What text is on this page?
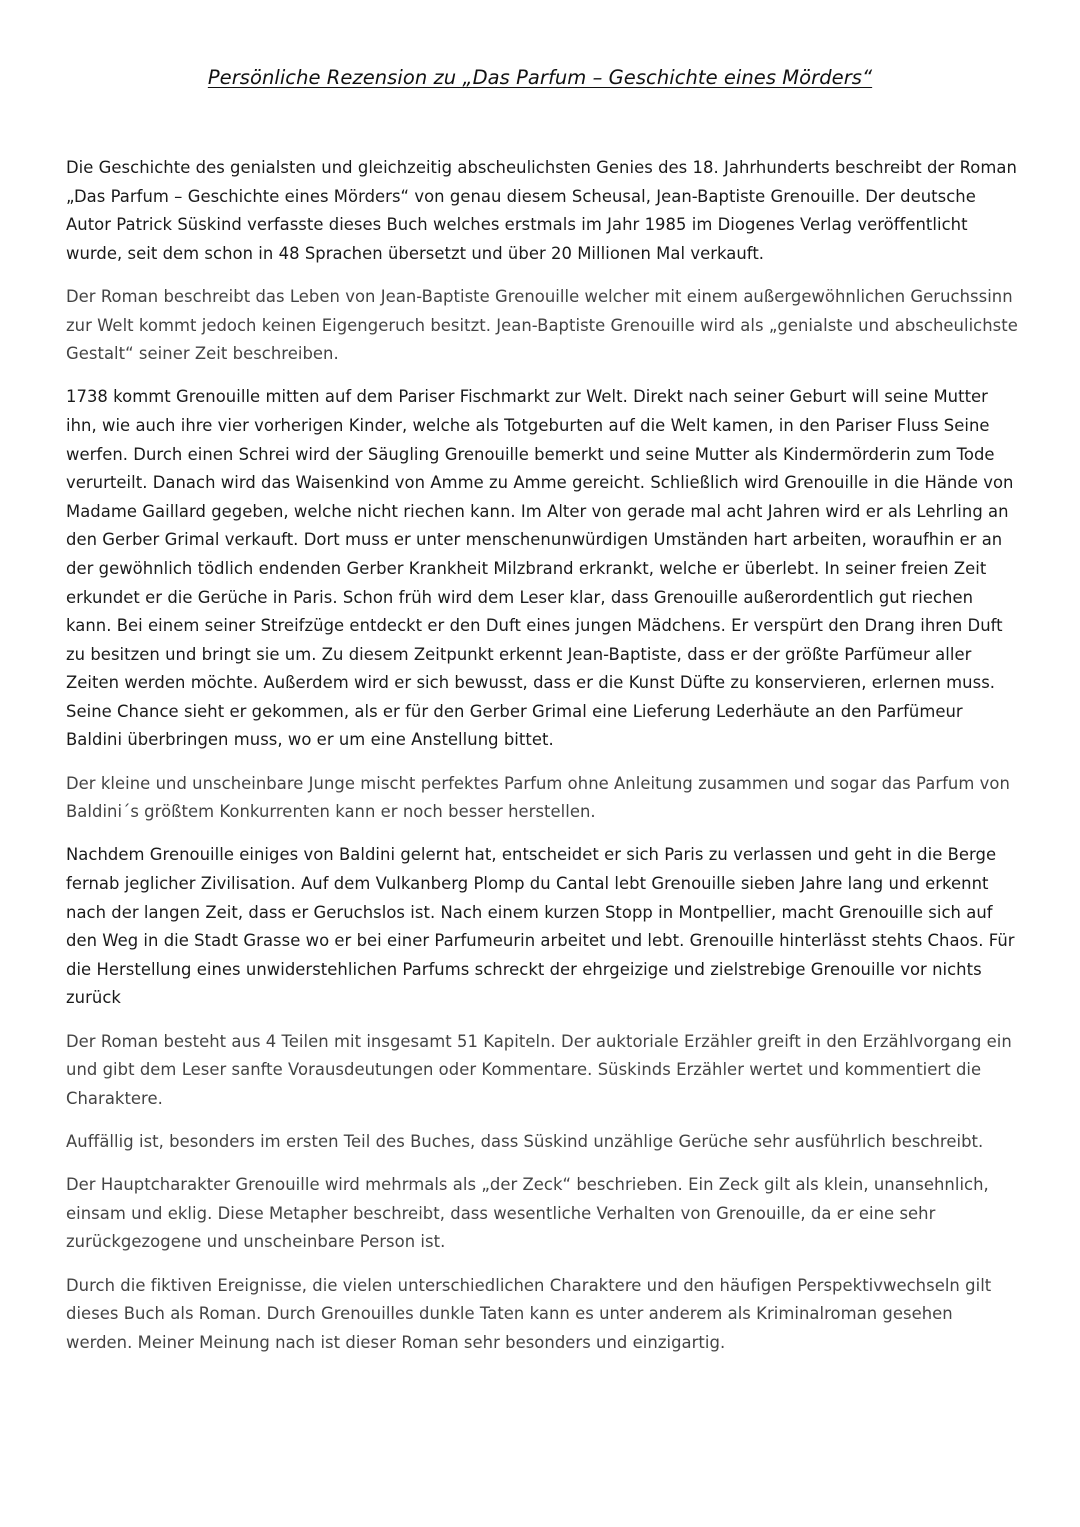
Persönliche Rezension zu „Das Parfum – Geschichte eines Mörders“

Die Geschichte des genialsten und gleichzeitig abscheulichsten Genies des 18. Jahrhunderts beschreibt der Roman „Das Parfum – Geschichte eines Mörders“ von genau diesem Scheusal, Jean-Baptiste Grenouille. Der deutsche Autor Patrick Süskind verfasste dieses Buch welches erstmals im Jahr 1985 im Diogenes Verlag veröffentlicht wurde, seit dem schon in 48 Sprachen übersetzt und über 20 Millionen Mal verkauft.

Der Roman beschreibt das Leben von Jean-Baptiste Grenouille welcher mit einem außergewöhnlichen Geruchssinn zur Welt kommt jedoch keinen Eigengeruch besitzt. Jean-Baptiste Grenouille wird als „genialste und abscheulichste Gestalt“ seiner Zeit beschreiben.

1738 kommt Grenouille mitten auf dem Pariser Fischmarkt zur Welt. Direkt nach seiner Geburt will seine Mutter ihn, wie auch ihre vier vorherigen Kinder, welche als Totgeburten auf die Welt kamen, in den Pariser Fluss Seine werfen. Durch einen Schrei wird der Säugling Grenouille bemerkt und seine Mutter als Kindermörderin zum Tode verurteilt. Danach wird das Waisenkind von Amme zu Amme gereicht. Schließlich wird Grenouille in die Hände von Madame Gaillard gegeben, welche nicht riechen kann. Im Alter von gerade mal acht Jahren wird er als Lehrling an den Gerber Grimal verkauft. Dort muss er unter menschenunwürdigen Umständen hart arbeiten, woraufhin er an der gewöhnlich tödlich endenden Gerber Krankheit Milzbrand erkrankt, welche er überlebt. In seiner freien Zeit erkundet er die Gerüche in Paris. Schon früh wird dem Leser klar, dass Grenouille außerordentlich gut riechen kann. Bei einem seiner Streifzüge entdeckt er den Duft eines jungen Mädchens. Er verspürt den Drang ihren Duft zu besitzen und bringt sie um. Zu diesem Zeitpunkt erkennt Jean-Baptiste, dass er der größte Parfümeur aller Zeiten werden möchte. Außerdem wird er sich bewusst, dass er die Kunst Düfte zu konservieren, erlernen muss. Seine Chance sieht er gekommen, als er für den Gerber Grimal eine Lieferung Lederhäute an den Parfümeur Baldini überbringen muss, wo er um eine Anstellung bittet.

Der kleine und unscheinbare Junge mischt perfektes Parfum ohne Anleitung zusammen und sogar das Parfum von Baldini´s größtem Konkurrenten kann er noch besser herstellen.

Nachdem Grenouille einiges von Baldini gelernt hat, entscheidet er sich Paris zu verlassen und geht in die Berge fernab jeglicher Zivilisation. Auf dem Vulkanberg Plomp du Cantal lebt Grenouille sieben Jahre lang und erkennt nach der langen Zeit, dass er Geruchslos ist. Nach einem kurzen Stopp in Montpellier, macht Grenouille sich auf den Weg in die Stadt Grasse wo er bei einer Parfumeurin arbeitet und lebt. Grenouille hinterlässt stehts Chaos. Für die Herstellung eines unwiderstehlichen Parfums schreckt der ehrgeizige und zielstrebige Grenouille vor nichts zurück

Der Roman besteht aus 4 Teilen mit insgesamt 51 Kapiteln. Der auktoriale Erzähler greift in den Erzählvorgang ein und gibt dem Leser sanfte Vorausdeutungen oder Kommentare. Süskinds Erzähler wertet und kommentiert die Charaktere.

Auffällig ist, besonders im ersten Teil des Buches, dass Süskind unzählige Gerüche sehr ausführlich beschreibt.

Der Hauptcharakter Grenouille wird mehrmals als „der Zeck“ beschrieben. Ein Zeck gilt als klein, unansehnlich, einsam und eklig. Diese Metapher beschreibt, dass wesentliche Verhalten von Grenouille, da er eine sehr zurückgezogene und unscheinbare Person ist.

Durch die fiktiven Ereignisse, die vielen unterschiedlichen Charaktere und den häufigen Perspektivwechseln gilt dieses Buch als Roman. Durch Grenouilles dunkle Taten kann es unter anderem als Kriminalroman gesehen werden. Meiner Meinung nach ist dieser Roman sehr besonders und einzigartig.
